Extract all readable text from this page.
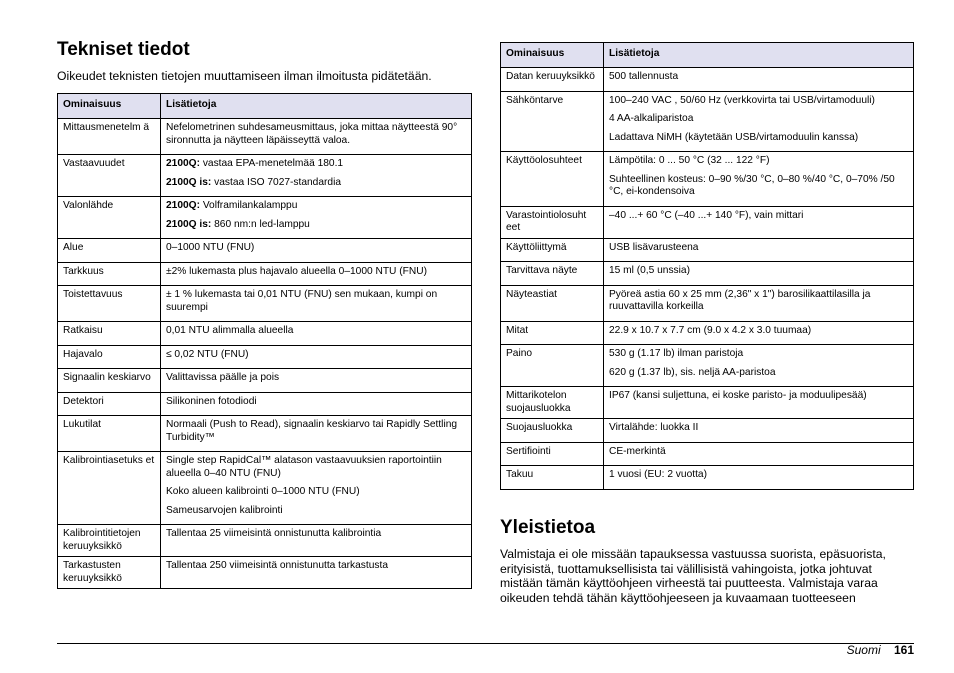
Tekniset tiedot
Oikeudet teknisten tietojen muuttamiseen ilman ilmoitusta pidätetään.
Ominaisuus	Lisätietoja
Mittausmenetelm ä	Nefelometrinen suhdesameusmittaus, joka mittaa näytteestä 90° sironnutta ja näytteen läpäisseyttä valoa.

Vastaavuudet	2100Q: vastaa EPA-menetelmää 180.1

2100Q is: vastaa ISO 7027-standardia

Valonlähde	2100Q: Volframilankalamppu

2100Q is: 860 nm:n led-lamppu

Alue	0–1000 NTU (FNU)

Tarkkuus	±2% lukemasta plus hajavalo alueella 0–1000 NTU (FNU)

Toistettavuus	± 1 % lukemasta tai 0,01 NTU (FNU) sen mukaan, kumpi on suurempi

Ratkaisu	0,01 NTU alimmalla alueella

Hajavalo	≤ 0,02 NTU (FNU)

Signaalin keskiarvo	Valittavissa päälle ja pois

Detektori	Silikoninen fotodiodi

Lukutilat	Normaali (Push to Read), signaalin keskiarvo tai Rapidly Settling Turbidity™

Kalibrointiasetuks et	Single step RapidCal™ alatason vastaavuuksien raportointiin alueella 0–40 NTU (FNU)

Koko alueen kalibrointi 0–1000 NTU (FNU)

Sameusarvojen kalibrointi

Kalibrointitietojen keruuyksikkö	Tallentaa 25 viimeisintä onnistunutta kalibrointia

Tarkastusten keruuyksikkö	Tallentaa 250 viimeisintä onnistunutta tarkastusta

Ominaisuus	Lisätietoja
Datan keruuyksikkö	500 tallennusta

Sähköntarve	100–240 VAC , 50/60 Hz (verkkovirta tai USB/virtamoduuli)

4 AA-alkaliparistoa

Ladattava NiMH (käytetään USB/virtamoduulin kanssa)

Käyttöolosuhteet	Lämpötila: 0 ... 50 °C (32 ... 122 °F)

Suhteellinen kosteus: 0–90 %/30 °C, 0–80 %/40 °C, 0–70% /50 °C, ei-kondensoiva

Varastointiolosuht eet	–40 ...+ 60 °C (–40 ...+ 140 °F), vain mittari

Käyttöliittymä	USB lisävarusteena

Tarvittava näyte	15 ml (0,5 unssia)

Näyteastiat	Pyöreä astia 60 x 25 mm (2,36" x 1") barosilikaattilasilla ja ruuvattavilla korkeilla

Mitat	22.9 x 10.7 x 7.7 cm (9.0 x 4.2 x 3.0 tuumaa)

Paino	530 g (1.17 lb) ilman paristoja

620 g (1.37 lb), sis. neljä AA-paristoa

Mittarikotelon suojausluokka	IP67 (kansi suljettuna, ei koske paristo- ja moduulipesää)

Suojausluokka	Virtalähde: luokka II

Sertifiointi	CE-merkintä

Takuu	1 vuosi (EU: 2 vuotta)

Yleistietoa
Valmistaja ei ole missään tapauksessa vastuussa suorista, epäsuorista, erityisistä, tuottamuksellisista tai välillisistä vahingoista, jotka johtuvat mistään tämän käyttöohjeen virheestä tai puutteesta. Valmistaja varaa oikeuden tehdä tähän käyttöohjeeseen ja kuvaamaan tuotteeseen
Suomi 161
